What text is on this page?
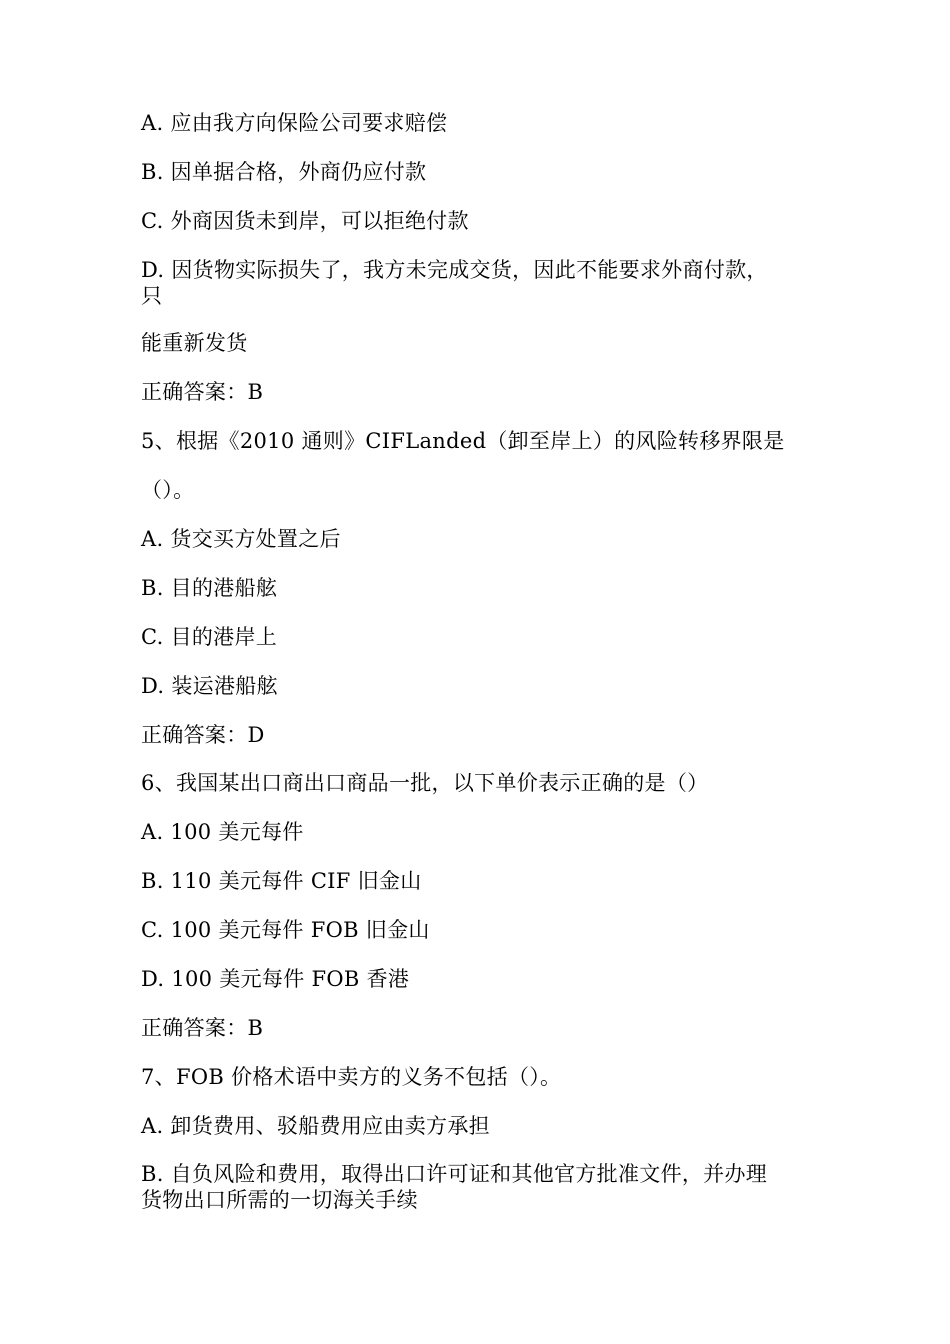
A. 应由我方向保险公司要求赔偿
B. 因单据合格，外商仍应付款
C. 外商因货未到岸，可以拒绝付款
D. 因货物实际损失了，我方未完成交货，因此不能要求外商付款，
只
能重新发货
正确答案：B
5、根据《2010 通则》CIFLanded（卸至岸上）的风险转移界限是
（）。
A. 货交买方处置之后
B. 目的港船舷
C. 目的港岸上
D. 装运港船舷
正确答案：D
6、我国某出口商出口商品一批，以下单价表示正确的是（）
A. 100 美元每件
B. 110 美元每件 CIF 旧金山
C. 100 美元每件 FOB 旧金山
D. 100 美元每件 FOB 香港
正确答案：B
7、FOB 价格术语中卖方的义务不包括（）。
A. 卸货费用、驳船费用应由卖方承担
B. 自负风险和费用，取得出口许可证和其他官方批准文件，并办理
货物出口所需的一切海关手续
